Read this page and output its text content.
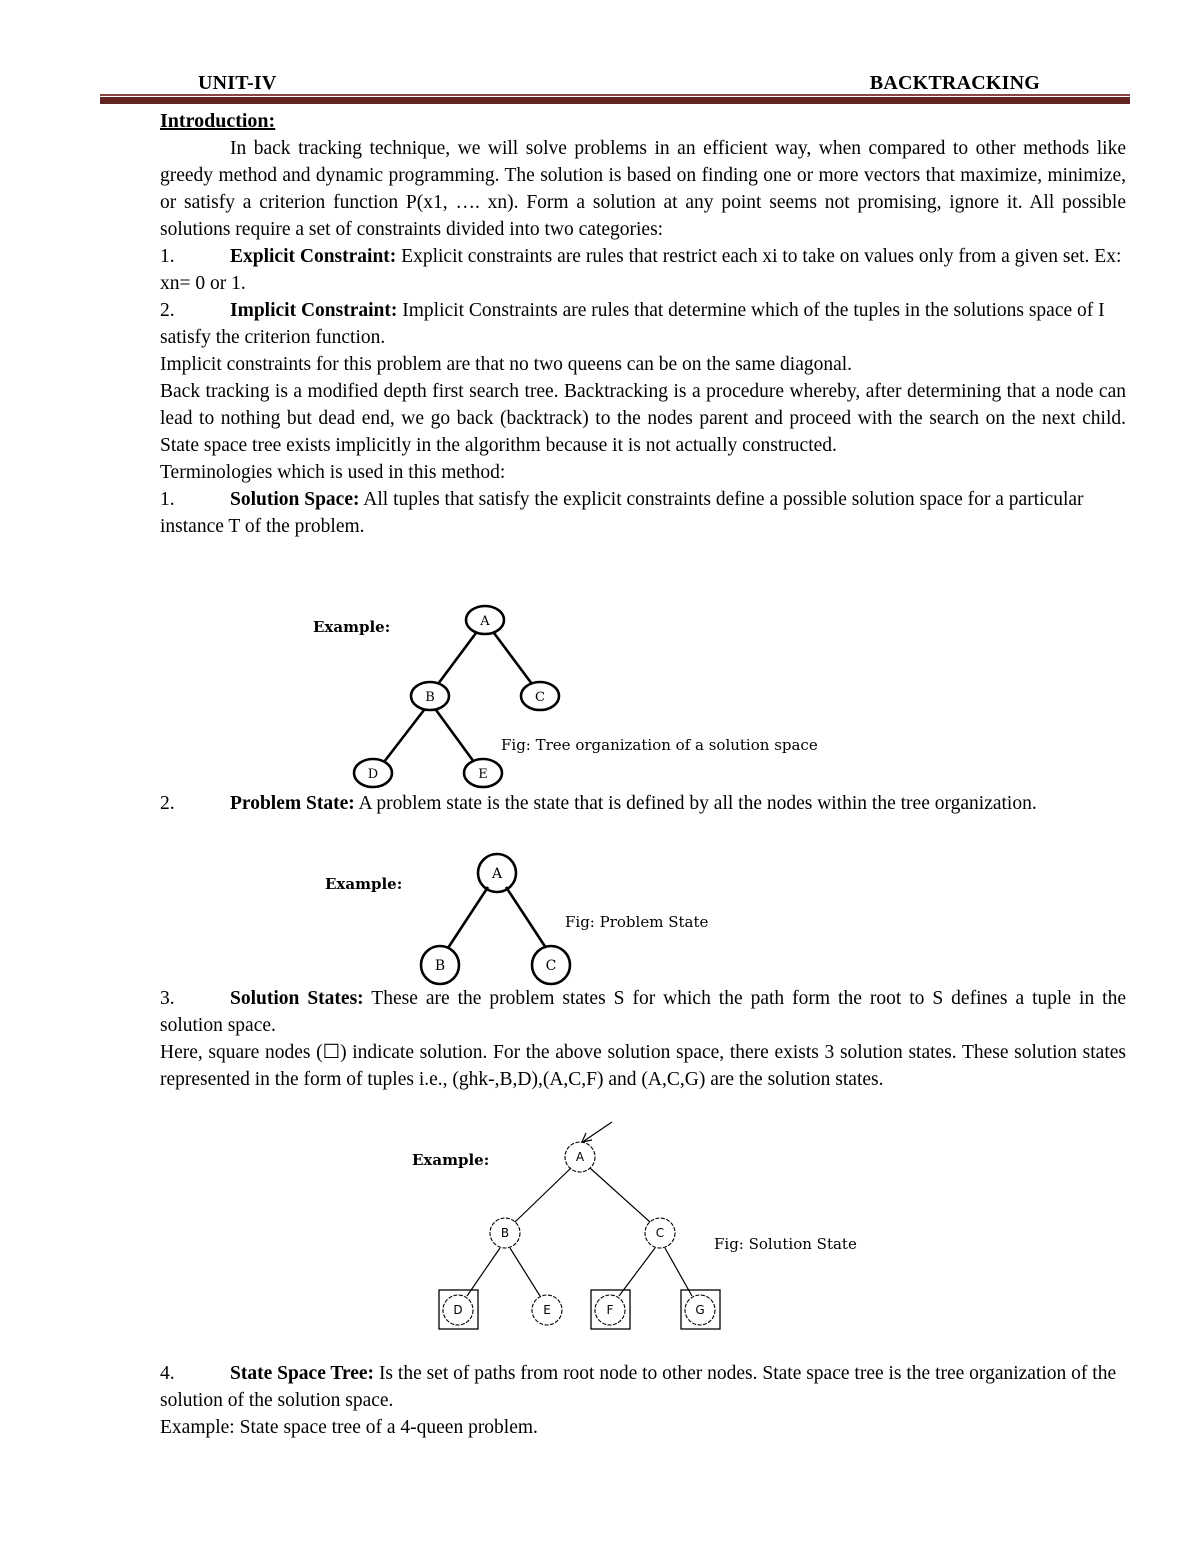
UNIT-IV	BACKTRACKING

Introduction:

In back tracking technique, we will solve problems in an efficient way, when compared to other methods like greedy method and dynamic programming. The solution is based on finding one or more vectors that maximize, minimize, or satisfy a criterion function P(x1, …. xn). Form a solution at any point seems not promising, ignore it. All possible solutions require a set of constraints divided into two categories:

1.	Explicit Constraint: Explicit constraints are rules that restrict each xi to take on values only from a given set. Ex: xn= 0 or 1.

2.	Implicit Constraint: Implicit Constraints are rules that determine which of the tuples in the solutions space of I satisfy the criterion function.

Implicit constraints for this problem are that no two queens can be on the same diagonal.

Back tracking is a modified depth first search tree. Backtracking is a procedure whereby, after determining that a node can lead to nothing but dead end, we go back (backtrack) to the nodes parent and proceed with the search on the next child. State space tree exists implicitly in the algorithm because it is not actually constructed.

Terminologies which is used in this method:

1.	Solution Space: All tuples that satisfy the explicit constraints define a possible solution space for a particular instance T of the problem.

A
B	C
D	E
Example:
Fig: Tree organization of a solution space

2.	Problem State: A problem state is the state that is defined by all the nodes within the tree organization.

A
B	C
Example:
Fig: Problem State

3.	Solution States: These are the problem states S for which the path form the root to S defines a tuple in the solution space.

Here, square nodes (☐) indicate solution. For the above solution space, there exists 3 solution states. These solution states represented in the form of tuples i.e., (ghk-,B,D),(A,C,F) and (A,C,G) are the solution states.

A
B	C
D	E	F	G
Example:
Fig: Solution State

4.	State Space Tree: Is the set of paths from root node to other nodes. State space tree is the tree organization of the solution of the solution space.

Example: State space tree of a 4-queen problem.
